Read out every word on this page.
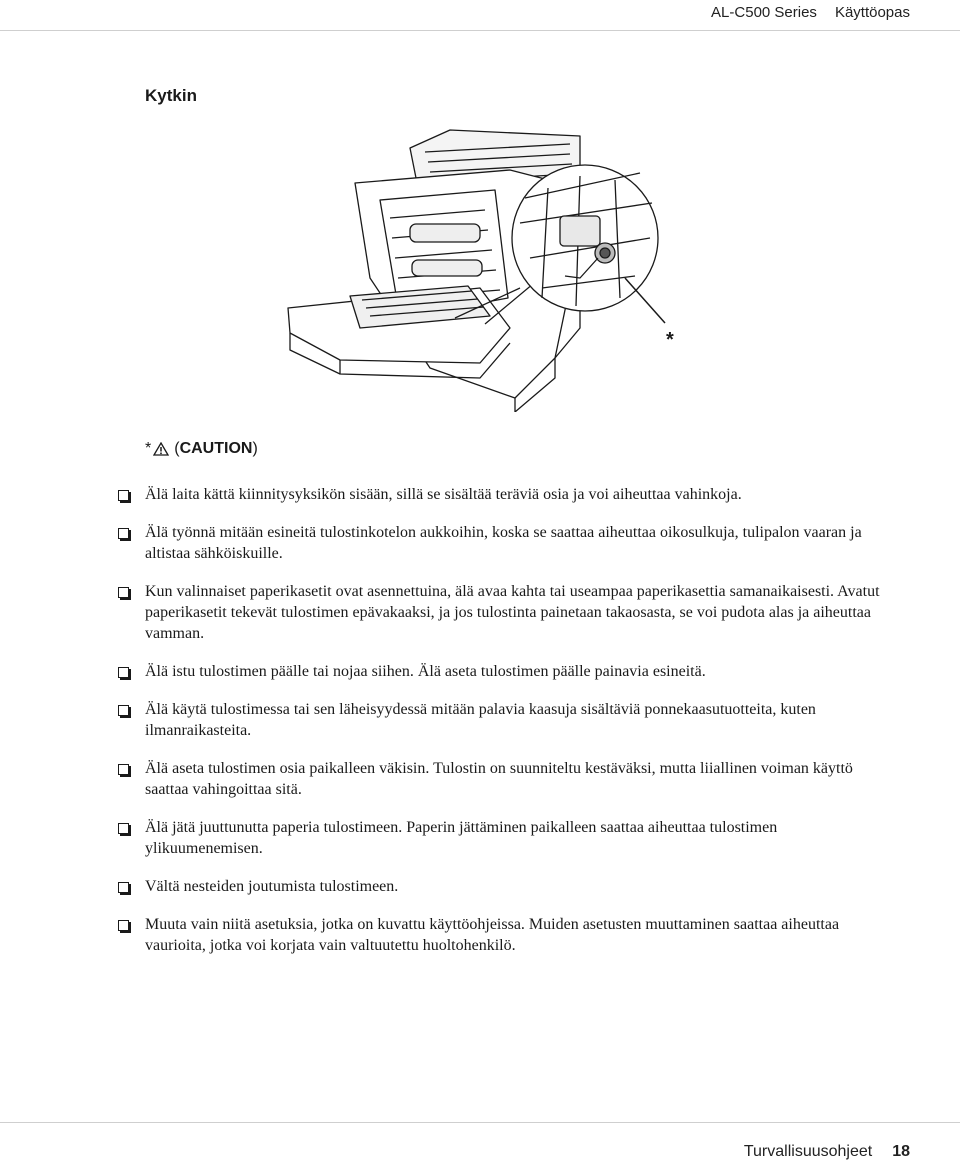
AL-C500 Series Käyttöopas
Kytkin
*
* ( CAUTION )
Älä laita kättä kiinnitysyksikön sisään, sillä se sisältää teräviä osia ja voi aiheuttaa vahinkoja.
Älä työnnä mitään esineitä tulostinkotelon aukkoihin, koska se saattaa aiheuttaa oikosulkuja, tulipalon vaaran ja altistaa sähköiskuille.
Kun valinnaiset paperikasetit ovat asennettuina, älä avaa kahta tai useampaa paperikasettia samanaikaisesti. Avatut paperikasetit tekevät tulostimen epävakaaksi, ja jos tulostinta painetaan takaosasta, se voi pudota alas ja aiheuttaa vamman.
Älä istu tulostimen päälle tai nojaa siihen. Älä aseta tulostimen päälle painavia esineitä.
Älä käytä tulostimessa tai sen läheisyydessä mitään palavia kaasuja sisältäviä ponnekaasutuotteita, kuten ilmanraikasteita.
Älä aseta tulostimen osia paikalleen väkisin. Tulostin on suunniteltu kestäväksi, mutta liiallinen voiman käyttö saattaa vahingoittaa sitä.
Älä jätä juuttunutta paperia tulostimeen. Paperin jättäminen paikalleen saattaa aiheuttaa tulostimen ylikuumenemisen.
Vältä nesteiden joutumista tulostimeen.
Muuta vain niitä asetuksia, jotka on kuvattu käyttöohjeissa. Muiden asetusten muuttaminen saattaa aiheuttaa vaurioita, jotka voi korjata vain valtuutettu huoltohenkilö.
Turvallisuusohjeet 18
